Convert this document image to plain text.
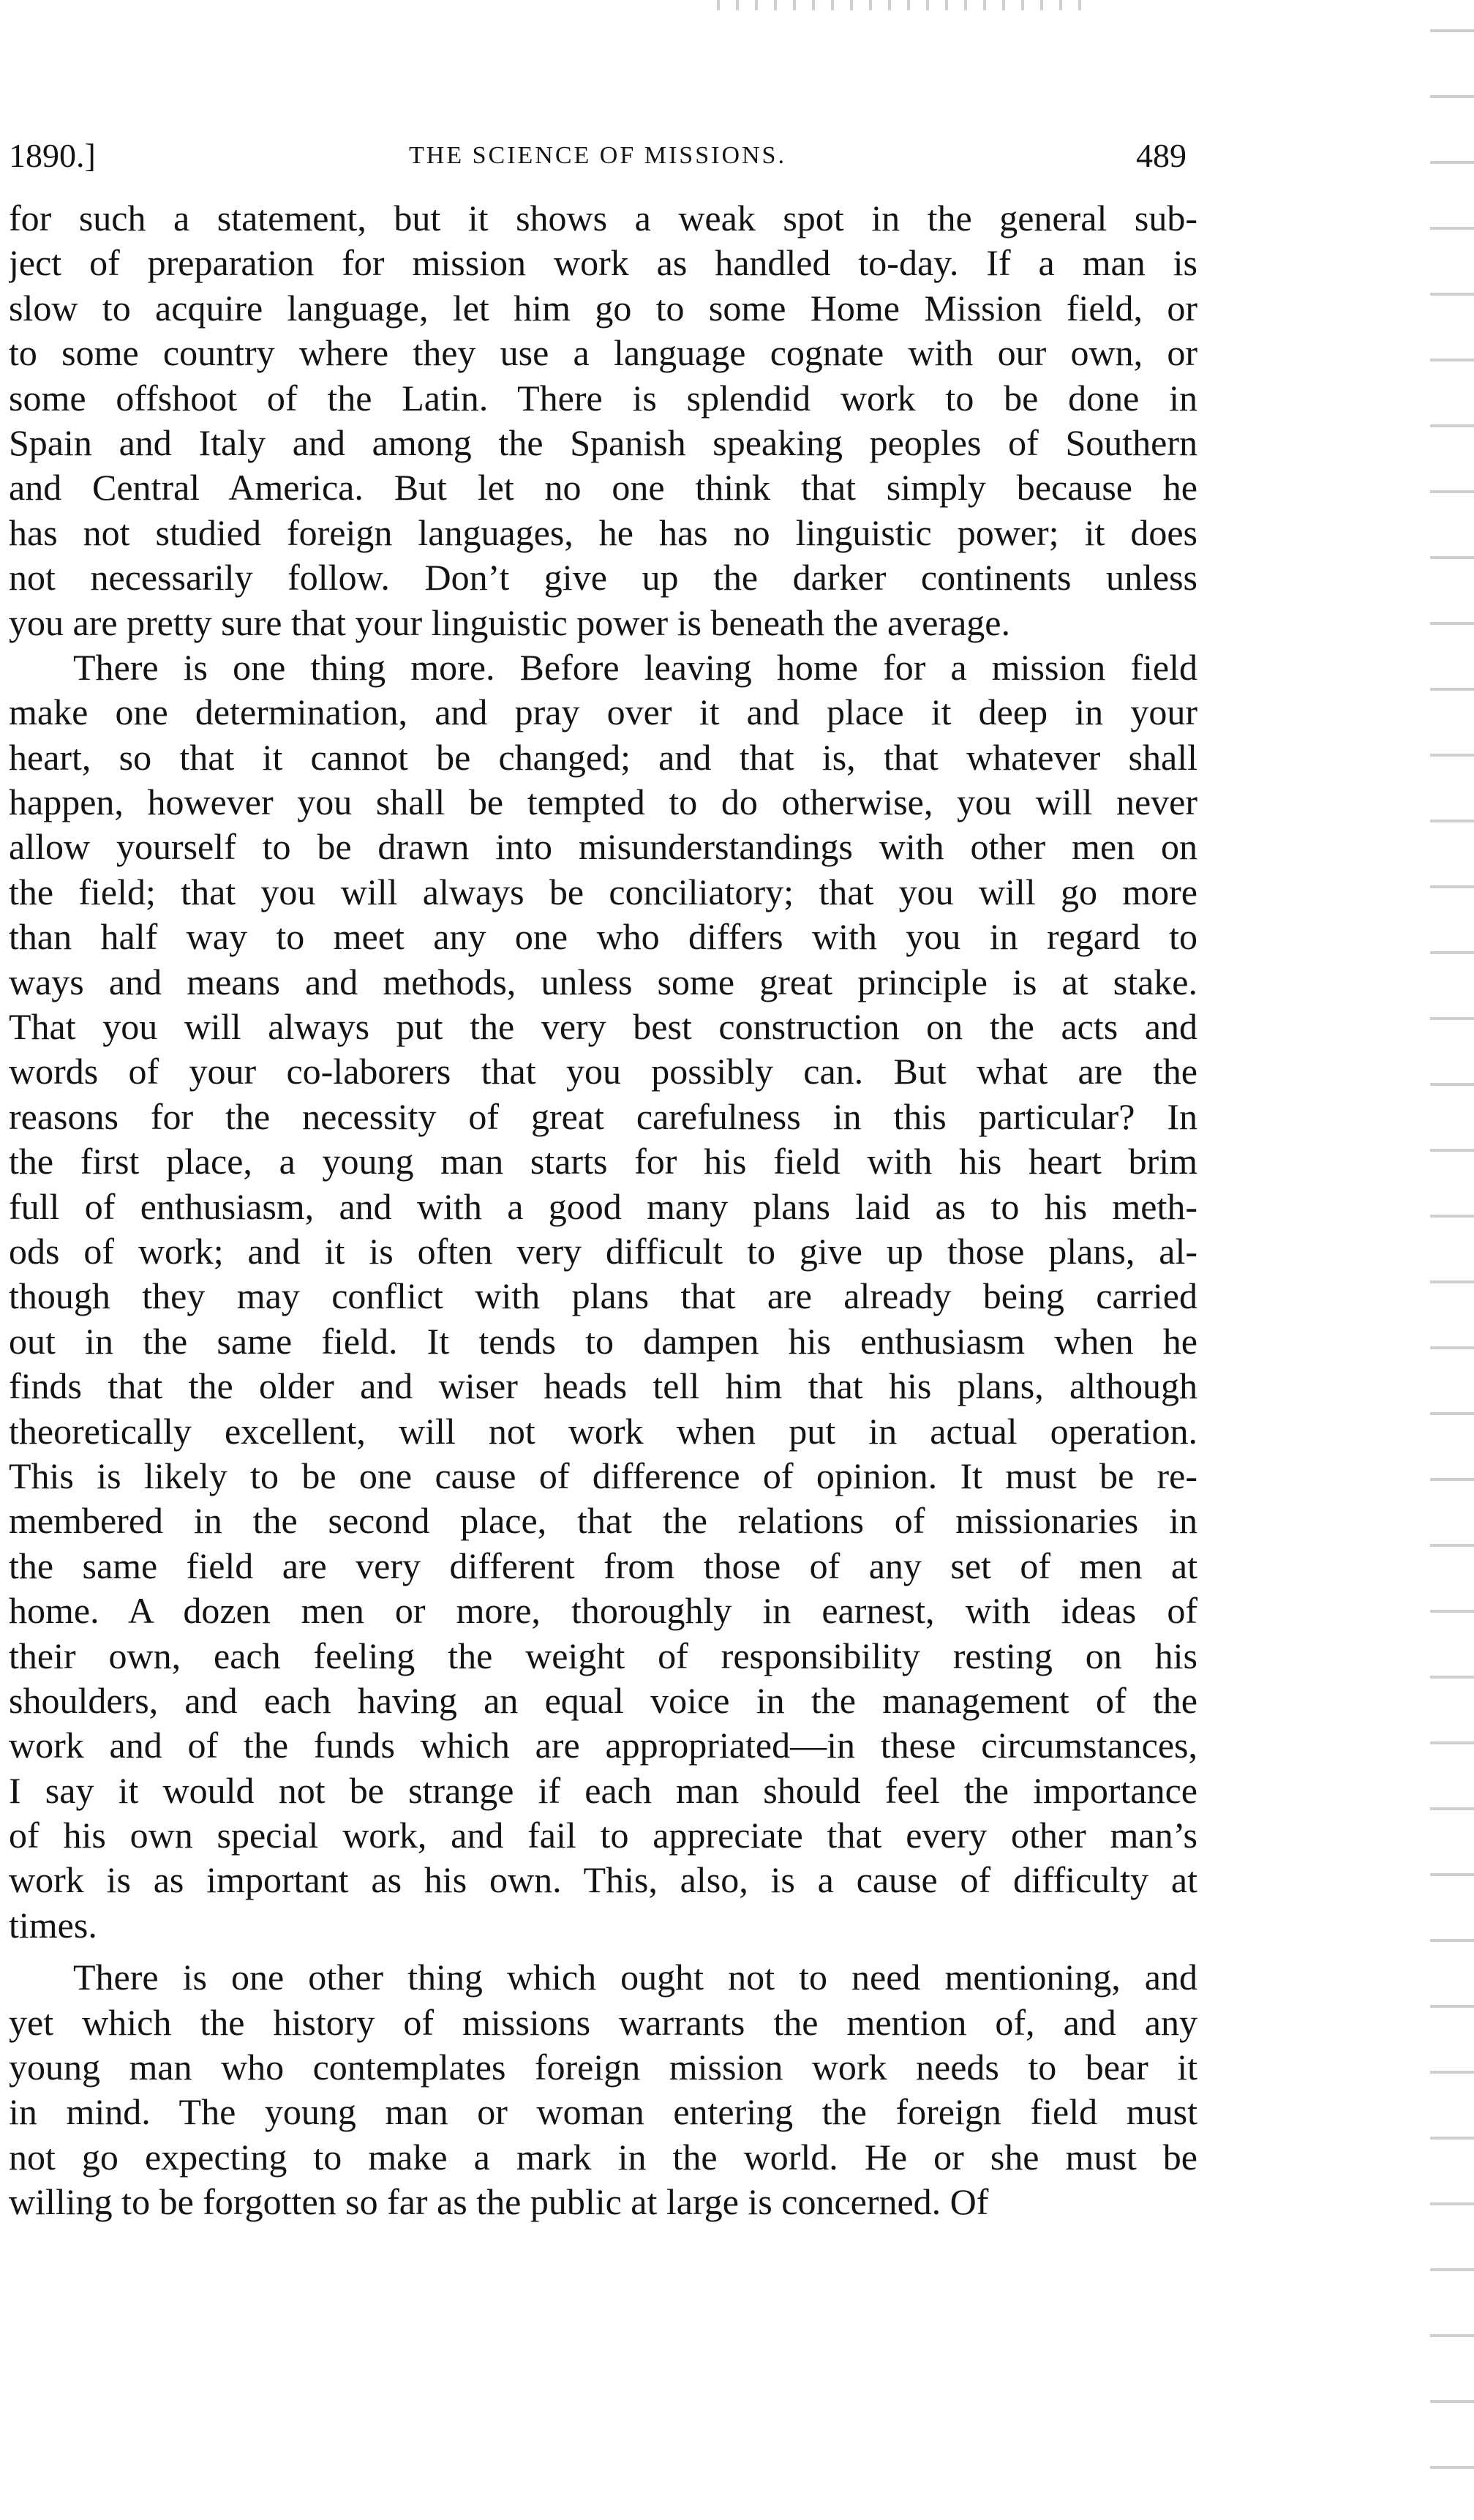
1890.]	THE SCIENCE OF MISSIONS.	489
for such a statement, but it shows a weak spot in the general sub-
ject of preparation for mission work as handled to-day. If a man is
slow to acquire language, let him go to some Home Mission field, or
to some country where they use a language cognate with our own, or
some offshoot of the Latin. There is splendid work to be done in
Spain and Italy and among the Spanish speaking peoples of Southern
and Central America. But let no one think that simply because he
has not studied foreign languages, he has no linguistic power; it does
not necessarily follow. Don’t give up the darker continents unless
you are pretty sure that your linguistic power is beneath the average.
There is one thing more. Before leaving home for a mission field
make one determination, and pray over it and place it deep in your
heart, so that it cannot be changed; and that is, that whatever shall
happen, however you shall be tempted to do otherwise, you will never
allow yourself to be drawn into misunderstandings with other men on
the field; that you will always be conciliatory; that you will go more
than half way to meet any one who differs with you in regard to
ways and means and methods, unless some great principle is at stake.
That you will always put the very best construction on the acts and
words of your co-laborers that you possibly can. But what are the
reasons for the necessity of great carefulness in this particular? In
the first place, a young man starts for his field with his heart brim
full of enthusiasm, and with a good many plans laid as to his meth-
ods of work; and it is often very difficult to give up those plans, al-
though they may conflict with plans that are already being carried
out in the same field. It tends to dampen his enthusiasm when he
finds that the older and wiser heads tell him that his plans, although
theoretically excellent, will not work when put in actual operation.
This is likely to be one cause of difference of opinion. It must be re-
membered in the second place, that the relations of missionaries in
the same field are very different from those of any set of men at
home. A dozen men or more, thoroughly in earnest, with ideas of
their own, each feeling the weight of responsibility resting on his
shoulders, and each having an equal voice in the management of the
work and of the funds which are appropriated—in these circumstances,
I say it would not be strange if each man should feel the importance
of his own special work, and fail to appreciate that every other man’s
work is as important as his own. This, also, is a cause of difficulty at
times.
There is one other thing which ought not to need mentioning, and
yet which the history of missions warrants the mention of, and any
young man who contemplates foreign mission work needs to bear it
in mind. The young man or woman entering the foreign field must
not go expecting to make a mark in the world. He or she must be
willing to be forgotten so far as the public at large is concerned. Of
